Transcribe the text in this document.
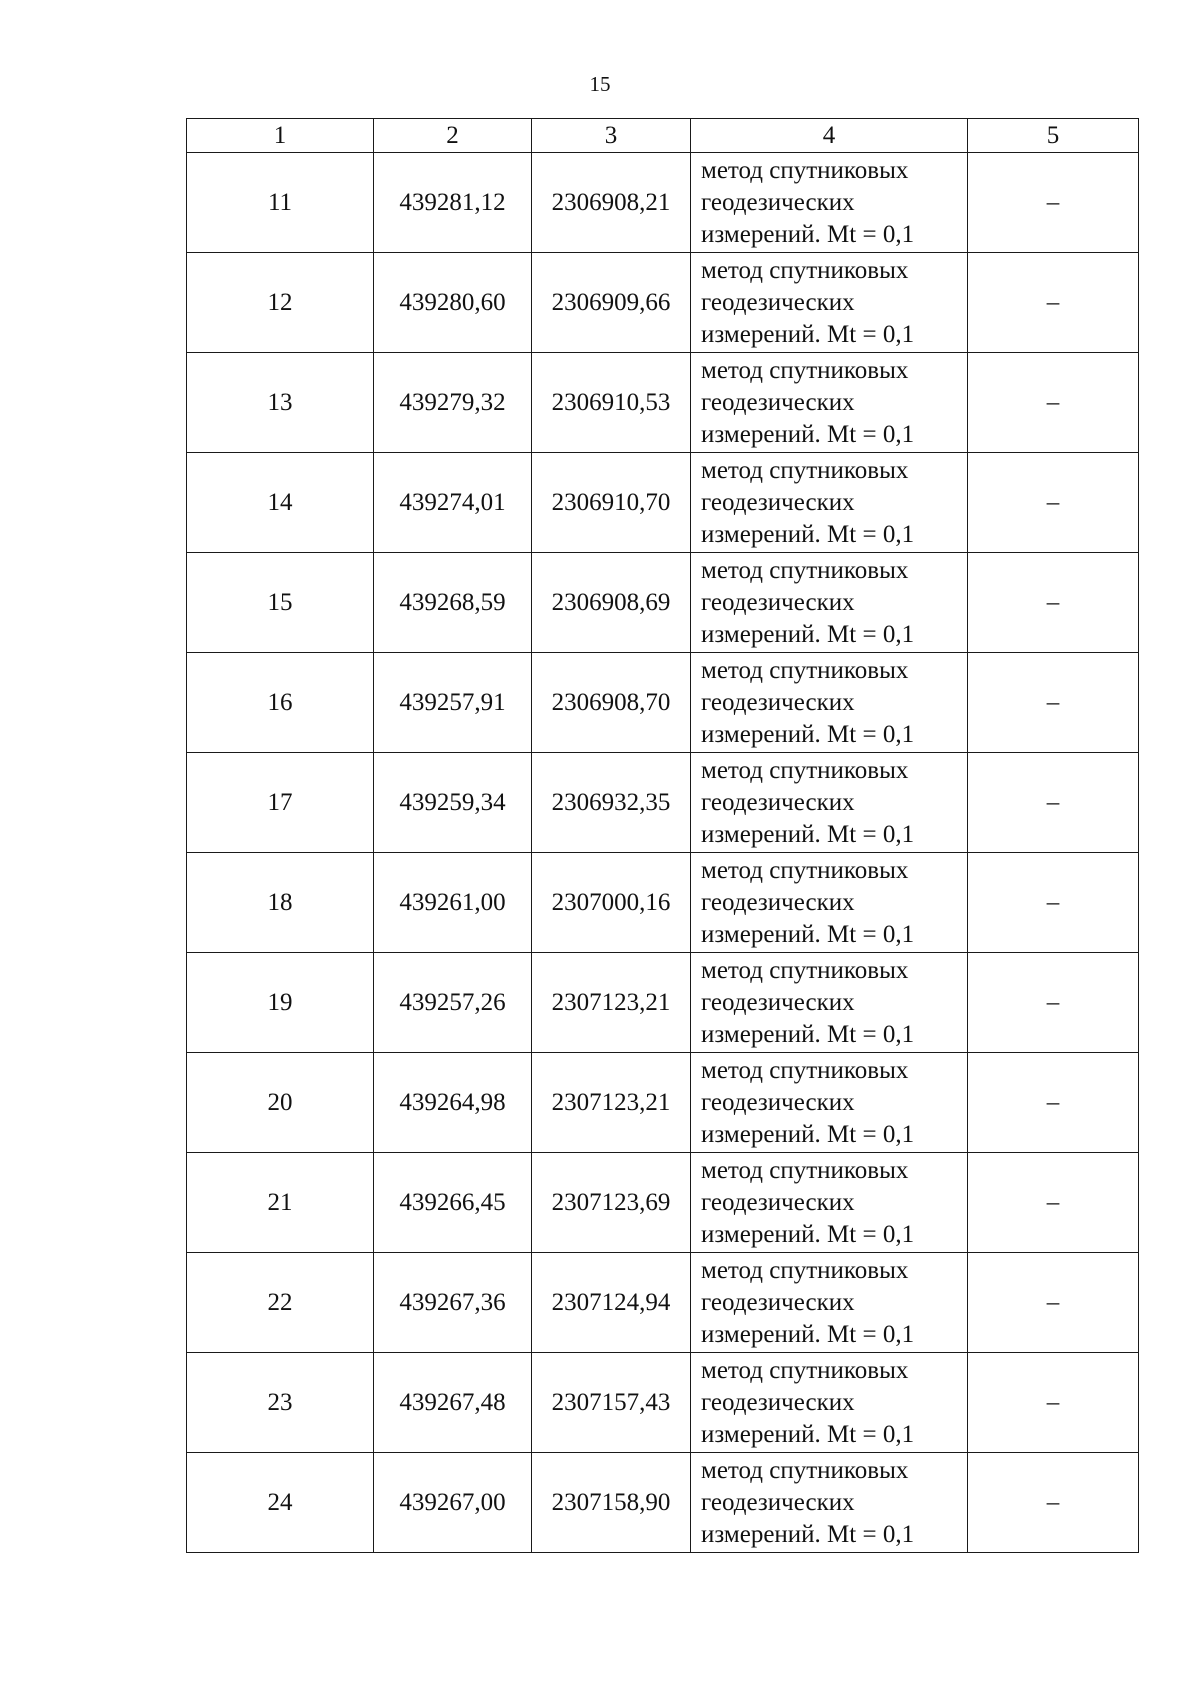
15
1	2	3	4	5
11	439281,12	2306908,21	метод спутниковых
геодезических
измерений. Mt = 0,1	–
12	439280,60	2306909,66	метод спутниковых
геодезических
измерений. Mt = 0,1	–
13	439279,32	2306910,53	метод спутниковых
геодезических
измерений. Mt = 0,1	–
14	439274,01	2306910,70	метод спутниковых
геодезических
измерений. Mt = 0,1	–
15	439268,59	2306908,69	метод спутниковых
геодезических
измерений. Mt = 0,1	–
16	439257,91	2306908,70	метод спутниковых
геодезических
измерений. Mt = 0,1	–
17	439259,34	2306932,35	метод спутниковых
геодезических
измерений. Mt = 0,1	–
18	439261,00	2307000,16	метод спутниковых
геодезических
измерений. Mt = 0,1	–
19	439257,26	2307123,21	метод спутниковых
геодезических
измерений. Mt = 0,1	–
20	439264,98	2307123,21	метод спутниковых
геодезических
измерений. Mt = 0,1	–
21	439266,45	2307123,69	метод спутниковых
геодезических
измерений. Mt = 0,1	–
22	439267,36	2307124,94	метод спутниковых
геодезических
измерений. Mt = 0,1	–
23	439267,48	2307157,43	метод спутниковых
геодезических
измерений. Mt = 0,1	–
24	439267,00	2307158,90	метод спутниковых
геодезических
измерений. Mt = 0,1	–
